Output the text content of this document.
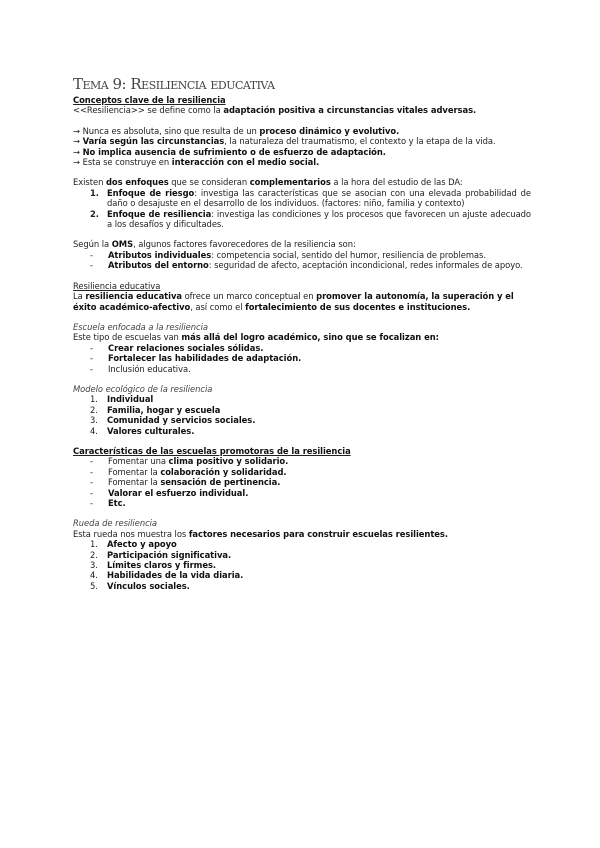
Tema 9: Resiliencia educativa

Conceptos clave de la resiliencia

<<Resiliencia>> se define como la adaptación positiva a circunstancias vitales adversas.

→ Nunca es absoluta, sino que resulta de un proceso dinámico y evolutivo.

→ Varía según las circunstancias, la naturaleza del traumatismo, el contexto y la etapa de la vida.

→ No implica ausencia de sufrimiento o de esfuerzo de adaptación.

→ Esta se construye en interacción con el medio social.

Existen dos enfoques que se consideran complementarios a la hora del estudio de las DA:

1. Enfoque de riesgo: investiga las características que se asocian con una elevada probabilidad de daño o desajuste en el desarrollo de los individuos. (factores: niño, familia y contexto)
2. Enfoque de resiliencia: investiga las condiciones y los procesos que favorecen un ajuste adecuado a los desafíos y dificultades.

Según la OMS, algunos factores favorecedores de la resiliencia son:

- Atributos individuales: competencia social, sentido del humor, resiliencia de problemas.
- Atributos del entorno: seguridad de afecto, aceptación incondicional, redes informales de apoyo.

Resiliencia educativa

La resiliencia educativa ofrece un marco conceptual en promover la autonomía, la superación y el éxito académico-afectivo, así como el fortalecimiento de sus docentes e instituciones.

Escuela enfocada a la resiliencia

Este tipo de escuelas van más allá del logro académico, sino que se focalizan en:

- Crear relaciones sociales sólidas.
- Fortalecer las habilidades de adaptación.
- Inclusión educativa.

Modelo ecológico de la resiliencia

1.	Individual
2.	Familia, hogar y escuela
3.	Comunidad y servicios sociales.
4.	Valores culturales.

Características de las escuelas promotoras de la resiliencia

- Fomentar una clima positivo y solidario.
- Fomentar la colaboración y solidaridad.
- Fomentar la sensación de pertinencia.
- Valorar el esfuerzo individual.
- Etc.

Rueda de resiliencia

Esta rueda nos muestra los factores necesarios para construir escuelas resilientes.

1.	Afecto y apoyo
2.	Participación significativa.
3.	Límites claros y firmes.
4.	Habilidades de la vida diaria.
5.	Vínculos sociales.
